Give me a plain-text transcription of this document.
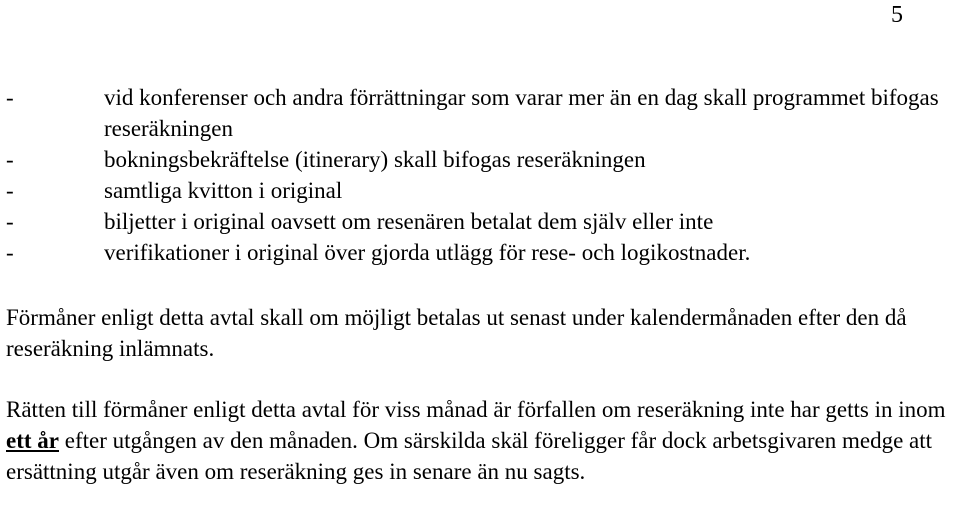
5
-	vid konferenser och andra förrättningar som varar mer än en dag skall programmet bifogas reseräkningen
-	bokningsbekräftelse (itinerary) skall bifogas reseräkningen
-	samtliga kvitton i original
-	biljetter i original oavsett om resenären betalat dem själv eller inte
-	verifikationer i original över gjorda utlägg för rese- och logikostnader.

Förmåner enligt detta avtal skall om möjligt betalas ut senast under kalendermånaden efter den då reseräkning inlämnats.

Rätten till förmåner enligt detta avtal för viss månad är förfallen om reseräkning inte har getts in inom ett år efter utgången av den månaden. Om särskilda skäl föreligger får dock arbetsgivaren medge att ersättning utgår även om reseräkning ges in senare än nu sagts.
